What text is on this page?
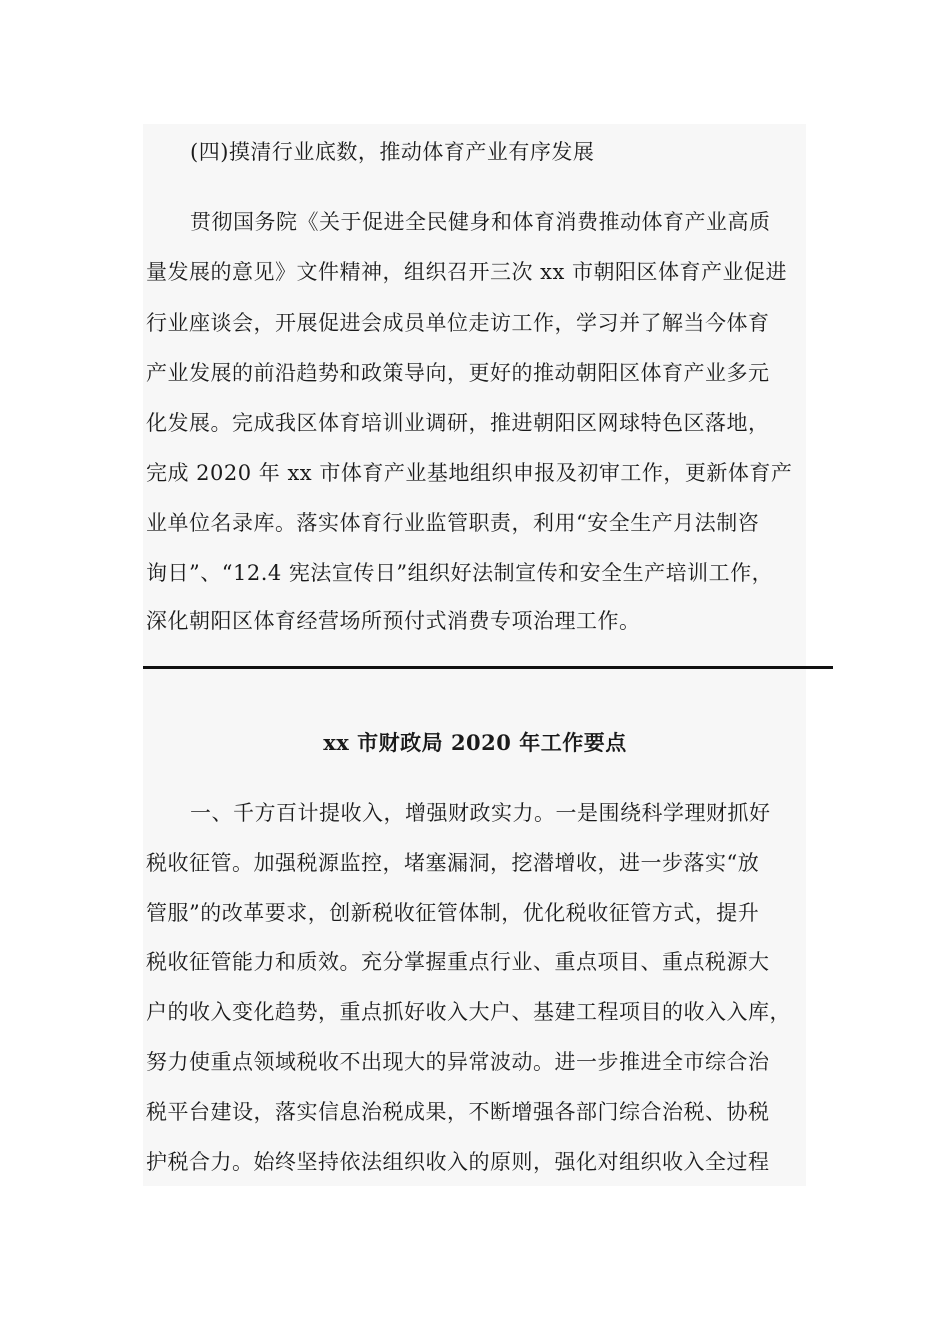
(四)摸清行业底数，推动体育产业有序发展
贯彻国务院《关于促进全民健身和体育消费推动体育产业高质
量发展的意见》文件精神，组织召开三次 xx 市朝阳区体育产业促进
行业座谈会，开展促进会成员单位走访工作，学习并了解当今体育
产业发展的前沿趋势和政策导向，更好的推动朝阳区体育产业多元
化发展。完成我区体育培训业调研，推进朝阳区网球特色区落地，
完成 2020 年 xx 市体育产业基地组织申报及初审工作，更新体育产
业单位名录库。落实体育行业监管职责，利用“安全生产月法制咨
询日”、“12.4 宪法宣传日”组织好法制宣传和安全生产培训工作，
深化朝阳区体育经营场所预付式消费专项治理工作。
xx 市财政局 2020 年工作要点
一、千方百计提收入，增强财政实力。一是围绕科学理财抓好
税收征管。加强税源监控，堵塞漏洞，挖潜增收，进一步落实“放
管服”的改革要求，创新税收征管体制，优化税收征管方式，提升
税收征管能力和质效。充分掌握重点行业、重点项目、重点税源大
户的收入变化趋势，重点抓好收入大户、基建工程项目的收入入库，
努力使重点领域税收不出现大的异常波动。进一步推进全市综合治
税平台建设，落实信息治税成果，不断增强各部门综合治税、协税
护税合力。始终坚持依法组织收入的原则，强化对组织收入全过程
